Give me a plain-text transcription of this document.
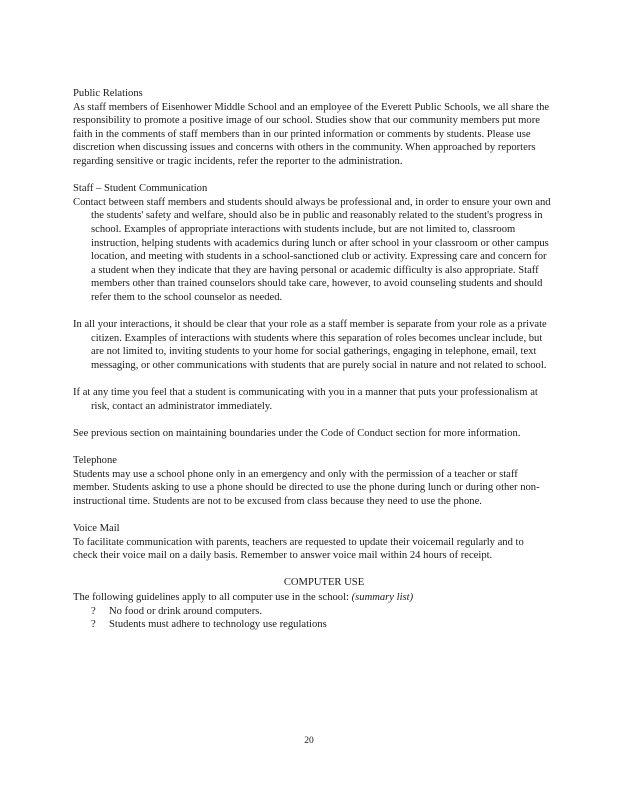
Public Relations

As staff members of Eisenhower Middle School and an employee of the Everett Public Schools, we all share the responsibility to promote a positive image of our school. Studies show that our community members put more faith in the comments of staff members than in our printed information or comments by students. Please use discretion when discussing issues and concerns with others in the community. When approached by reporters regarding sensitive or tragic incidents, refer the reporter to the administration.

Staff – Student Communication

Contact between staff members and students should always be professional and, in order to ensure your own and the students' safety and welfare, should also be in public and reasonably related to the student's progress in school. Examples of appropriate interactions with students include, but are not limited to, classroom instruction, helping students with academics during lunch or after school in your classroom or other campus location, and meeting with students in a school-sanctioned club or activity. Expressing care and concern for a student when they indicate that they are having personal or academic difficulty is also appropriate. Staff members other than trained counselors should take care, however, to avoid counseling students and should refer them to the school counselor as needed.

In all your interactions, it should be clear that your role as a staff member is separate from your role as a private citizen. Examples of interactions with students where this separation of roles becomes unclear include, but are not limited to, inviting students to your home for social gatherings, engaging in telephone, email, text messaging, or other communications with students that are purely social in nature and not related to school.

If at any time you feel that a student is communicating with you in a manner that puts your professionalism at risk, contact an administrator immediately.

See previous section on maintaining boundaries under the Code of Conduct section for more information.

Telephone

Students may use a school phone only in an emergency and only with the permission of a teacher or staff member. Students asking to use a phone should be directed to use the phone during lunch or during other non-instructional time. Students are not to be excused from class because they need to use the phone.

Voice Mail

To facilitate communication with parents, teachers are requested to update their voicemail regularly and to check their voice mail on a daily basis. Remember to answer voice mail within 24 hours of receipt.

COMPUTER USE

The following guidelines apply to all computer use in the school: (summary list)

?	No food or drink around computers.
?	Students must adhere to technology use regulations
20
